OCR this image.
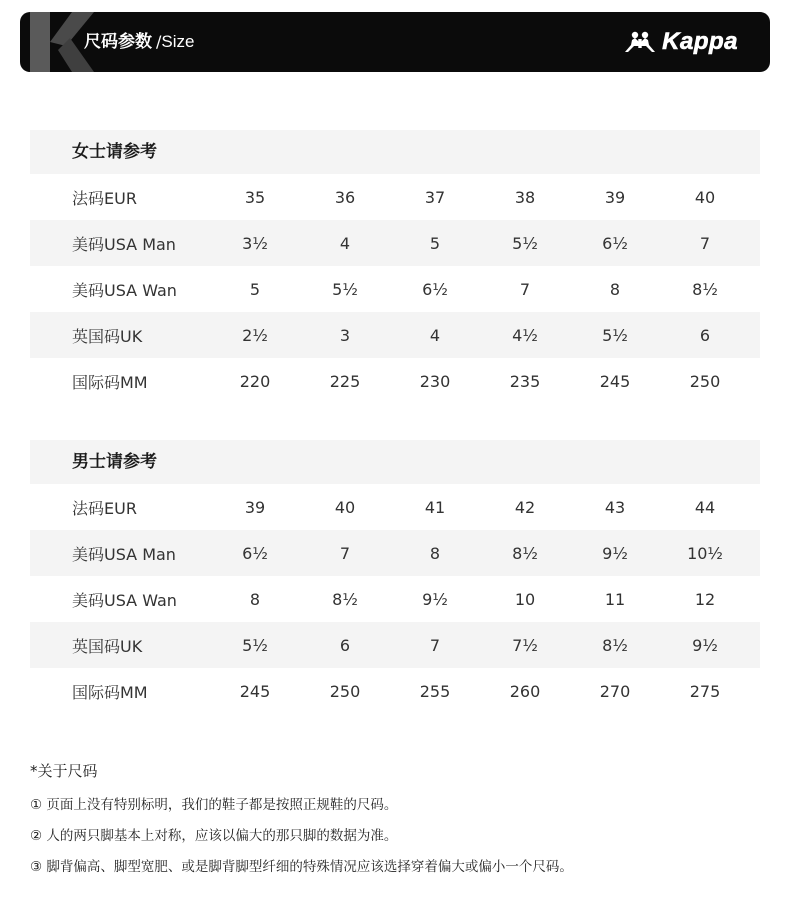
尺码参数 /Size	Kappa
女士请参考
法码EUR	35	36	37	38	39	40
美码USA Man	3½	4	5	5½	6½	7
美码USA Wan	5	5½	6½	7	8	8½
英国码UK	2½	3	4	4½	5½	6
国际码MM	220	225	230	235	245	250
男士请参考
法码EUR	39	40	41	42	43	44
美码USA Man	6½	7	8	8½	9½	10½
美码USA Wan	8	8½	9½	10	11	12
英国码UK	5½	6	7	7½	8½	9½
国际码MM	245	250	255	260	270	275
*关于尺码
① 页面上没有特别标明，我们的鞋子都是按照正规鞋的尺码。
② 人的两只脚基本上对称，应该以偏大的那只脚的数据为准。
③ 脚背偏高、脚型宽肥、或是脚背脚型纤细的特殊情况应该选择穿着偏大或偏小一个尺码。
